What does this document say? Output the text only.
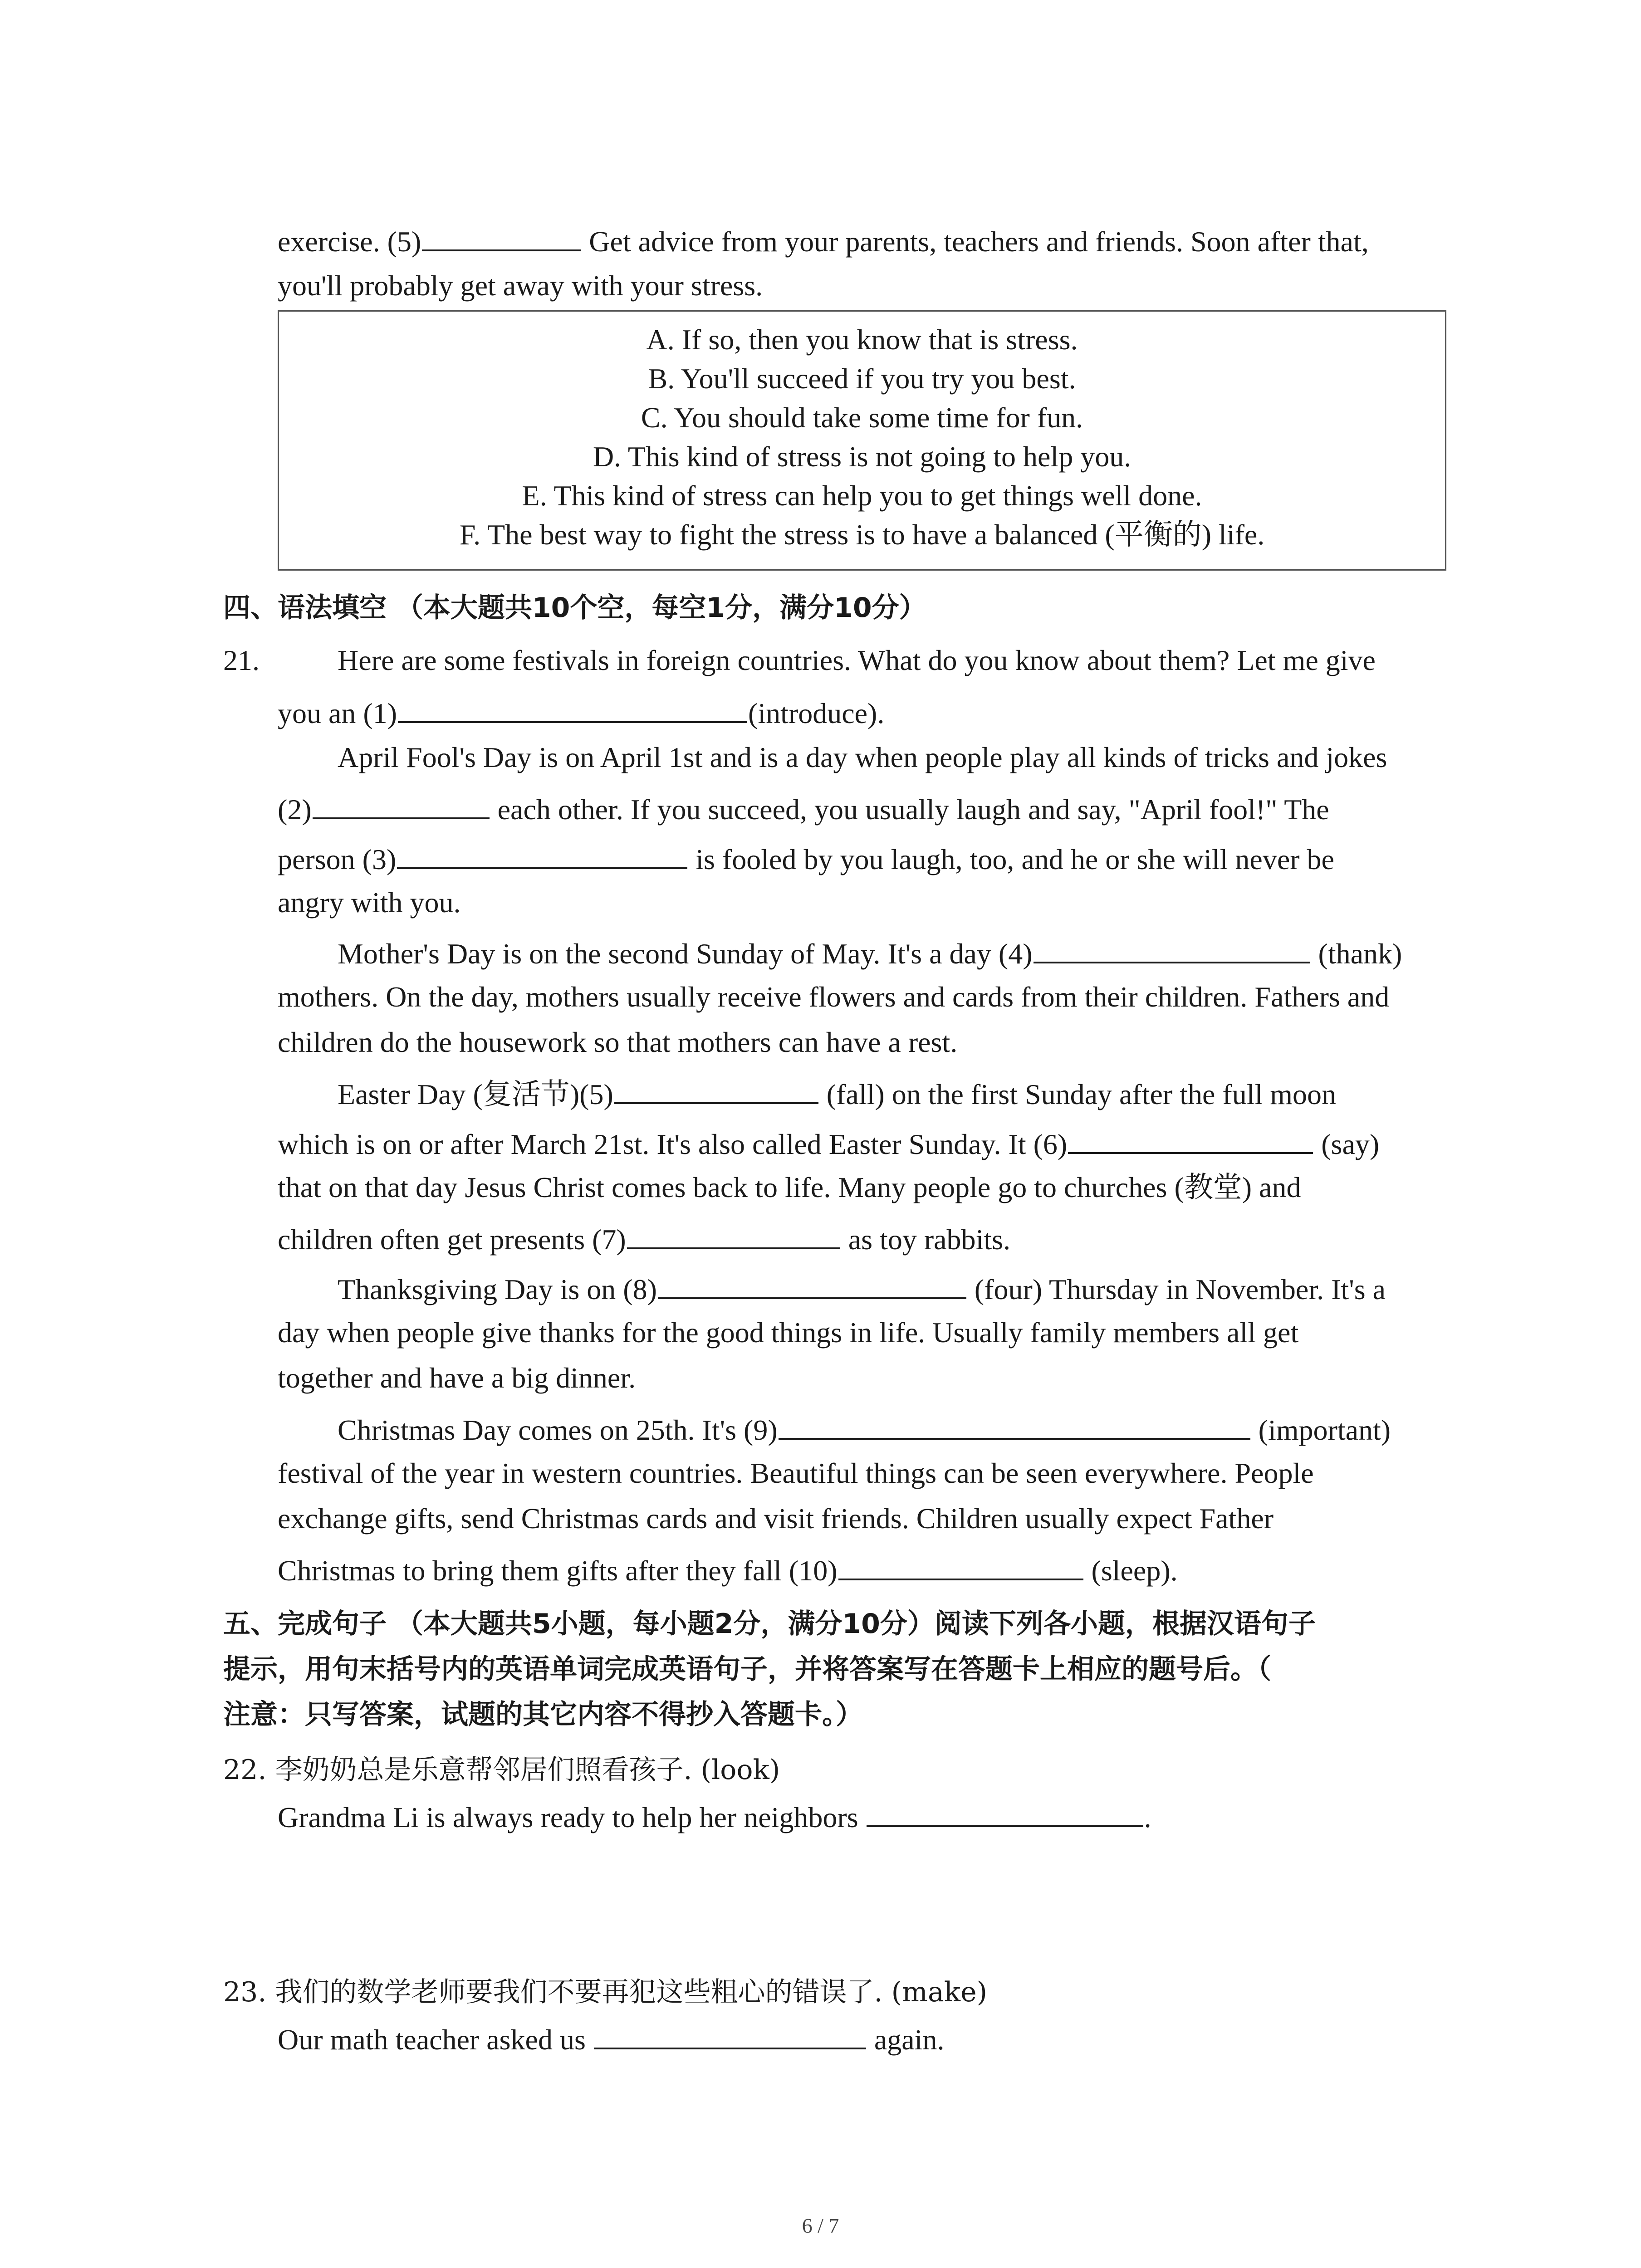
exercise. (5)	Get advice from your parents, teachers and friends. Soon after that,
you'll probably get away with your stress.
A. If so, then you know that is stress.
B. You'll succeed if you try you best.
C. You should take some time for fun.
D. This kind of stress is not going to help you.
E. This kind of stress can help you to get things well done.
F. The best way to fight the stress is to have a balanced (平衡的) life.
四、语法填空 （本大题共10个空，每空1分，满分10分）
21.	Here are some festivals in foreign countries. What do you know about them? Let me give
you an (1)	(introduce).
April Fool's Day is on April 1st and is a day when people play all kinds of tricks and jokes
(2)	each other. If you succeed, you usually laugh and say, "April fool!" The
person (3)	is fooled by you laugh, too, and he or she will never be
angry with you.
Mother's Day is on the second Sunday of May. It's a day (4)	(thank)
mothers. On the day, mothers usually receive flowers and cards from their children. Fathers and
children do the housework so that mothers can have a rest.
Easter Day (复活节)(5)	(fall) on the first Sunday after the full moon
which is on or after March 21st. It's also called Easter Sunday. It (6)	(say)
that on that day Jesus Christ comes back to life. Many people go to churches (教堂) and
children often get presents (7)	as toy rabbits.
Thanksgiving Day is on (8)	(four) Thursday in November. It's a
day when people give thanks for the good things in life. Usually family members all get
together and have a big dinner.
Christmas Day comes on 25th. It's (9)	(important)
festival of the year in western countries. Beautiful things can be seen everywhere. People
exchange gifts, send Christmas cards and visit friends. Children usually expect Father
Christmas to bring them gifts after they fall (10)	(sleep).
五、完成句子 （本大题共5小题，每小题2分，满分10分）阅读下列各小题，根据汉语句子
提示，用句末括号内的英语单词完成英语句子，并将答案写在答题卡上相应的题号后。（
注意：只写答案，试题的其它内容不得抄入答题卡。）
22. 李奶奶总是乐意帮邻居们照看孩子. (look)
Grandma Li is always ready to help her neighbors	.
23. 我们的数学老师要我们不要再犯这些粗心的错误了. (make)
Our math teacher asked us	again.
6 / 7
